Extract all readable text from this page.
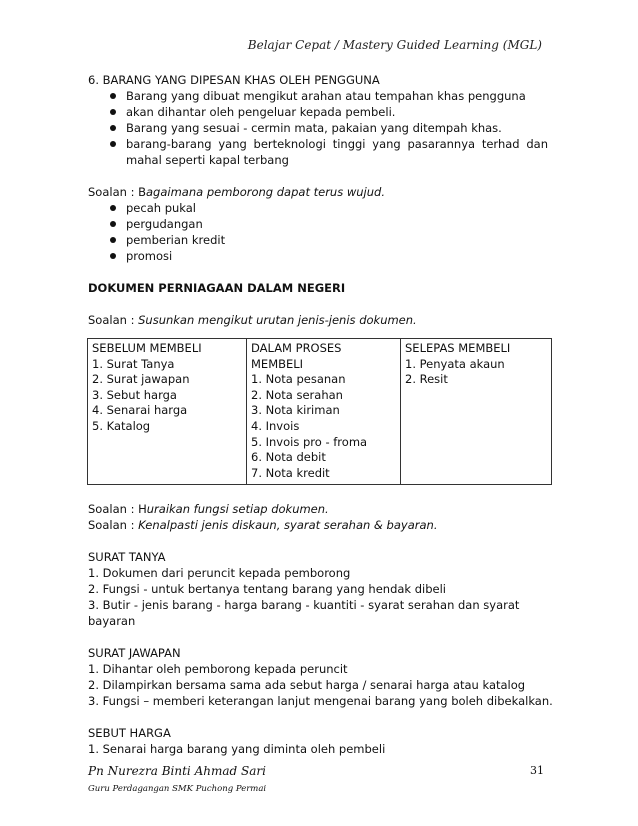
Belajar Cepat / Mastery Guided Learning (MGL)

6. BARANG YANG DIPESAN KHAS OLEH PENGGUNA

Barang yang dibuat mengikut arahan atau tempahan khas pengguna
akan dihantar oleh pengeluar kepada pembeli.
Barang yang sesuai - cermin mata, pakaian yang ditempah khas.
barang-barang yang berteknologi tinggi yang pasarannya terhad dan mahal seperti kapal terbang

Soalan : Bagaimana pemborong dapat terus wujud.

pecah pukal
pergudangan
pemberian kredit
promosi

DOKUMEN PERNIAGAAN DALAM NEGERI

Soalan : Susunkan mengikut urutan jenis-jenis dokumen.

SEBELUM MEMBELI
1. Surat Tanya
2. Surat jawapan
3. Sebut harga
4. Senarai harga
5. Katalog

DALAM PROSES
MEMBELI
1. Nota pesanan
2. Nota serahan
3. Nota kiriman
4. Invois
5. Invois pro - froma
6. Nota debit
7. Nota kredit

SELEPAS MEMBELI
1. Penyata akaun
2. Resit

Soalan : Huraikan fungsi setiap dokumen.

Soalan : Kenalpasti jenis diskaun, syarat serahan & bayaran.

SURAT TANYA

1. Dokumen dari peruncit kepada pemborong

2. Fungsi - untuk bertanya tentang barang yang hendak dibeli

3. Butir - jenis barang - harga barang - kuantiti - syarat serahan dan syarat

bayaran

SURAT JAWAPAN

1. Dihantar oleh pemborong kepada peruncit

2. Dilampirkan bersama sama ada sebut harga / senarai harga atau katalog

3. Fungsi – memberi keterangan lanjut mengenai barang yang boleh dibekalkan.

SEBUT HARGA

1. Senarai harga barang yang diminta oleh pembeli

Pn Nurezra Binti Ahmad Sari
Guru Perdagangan SMK Puchong Permai
31
